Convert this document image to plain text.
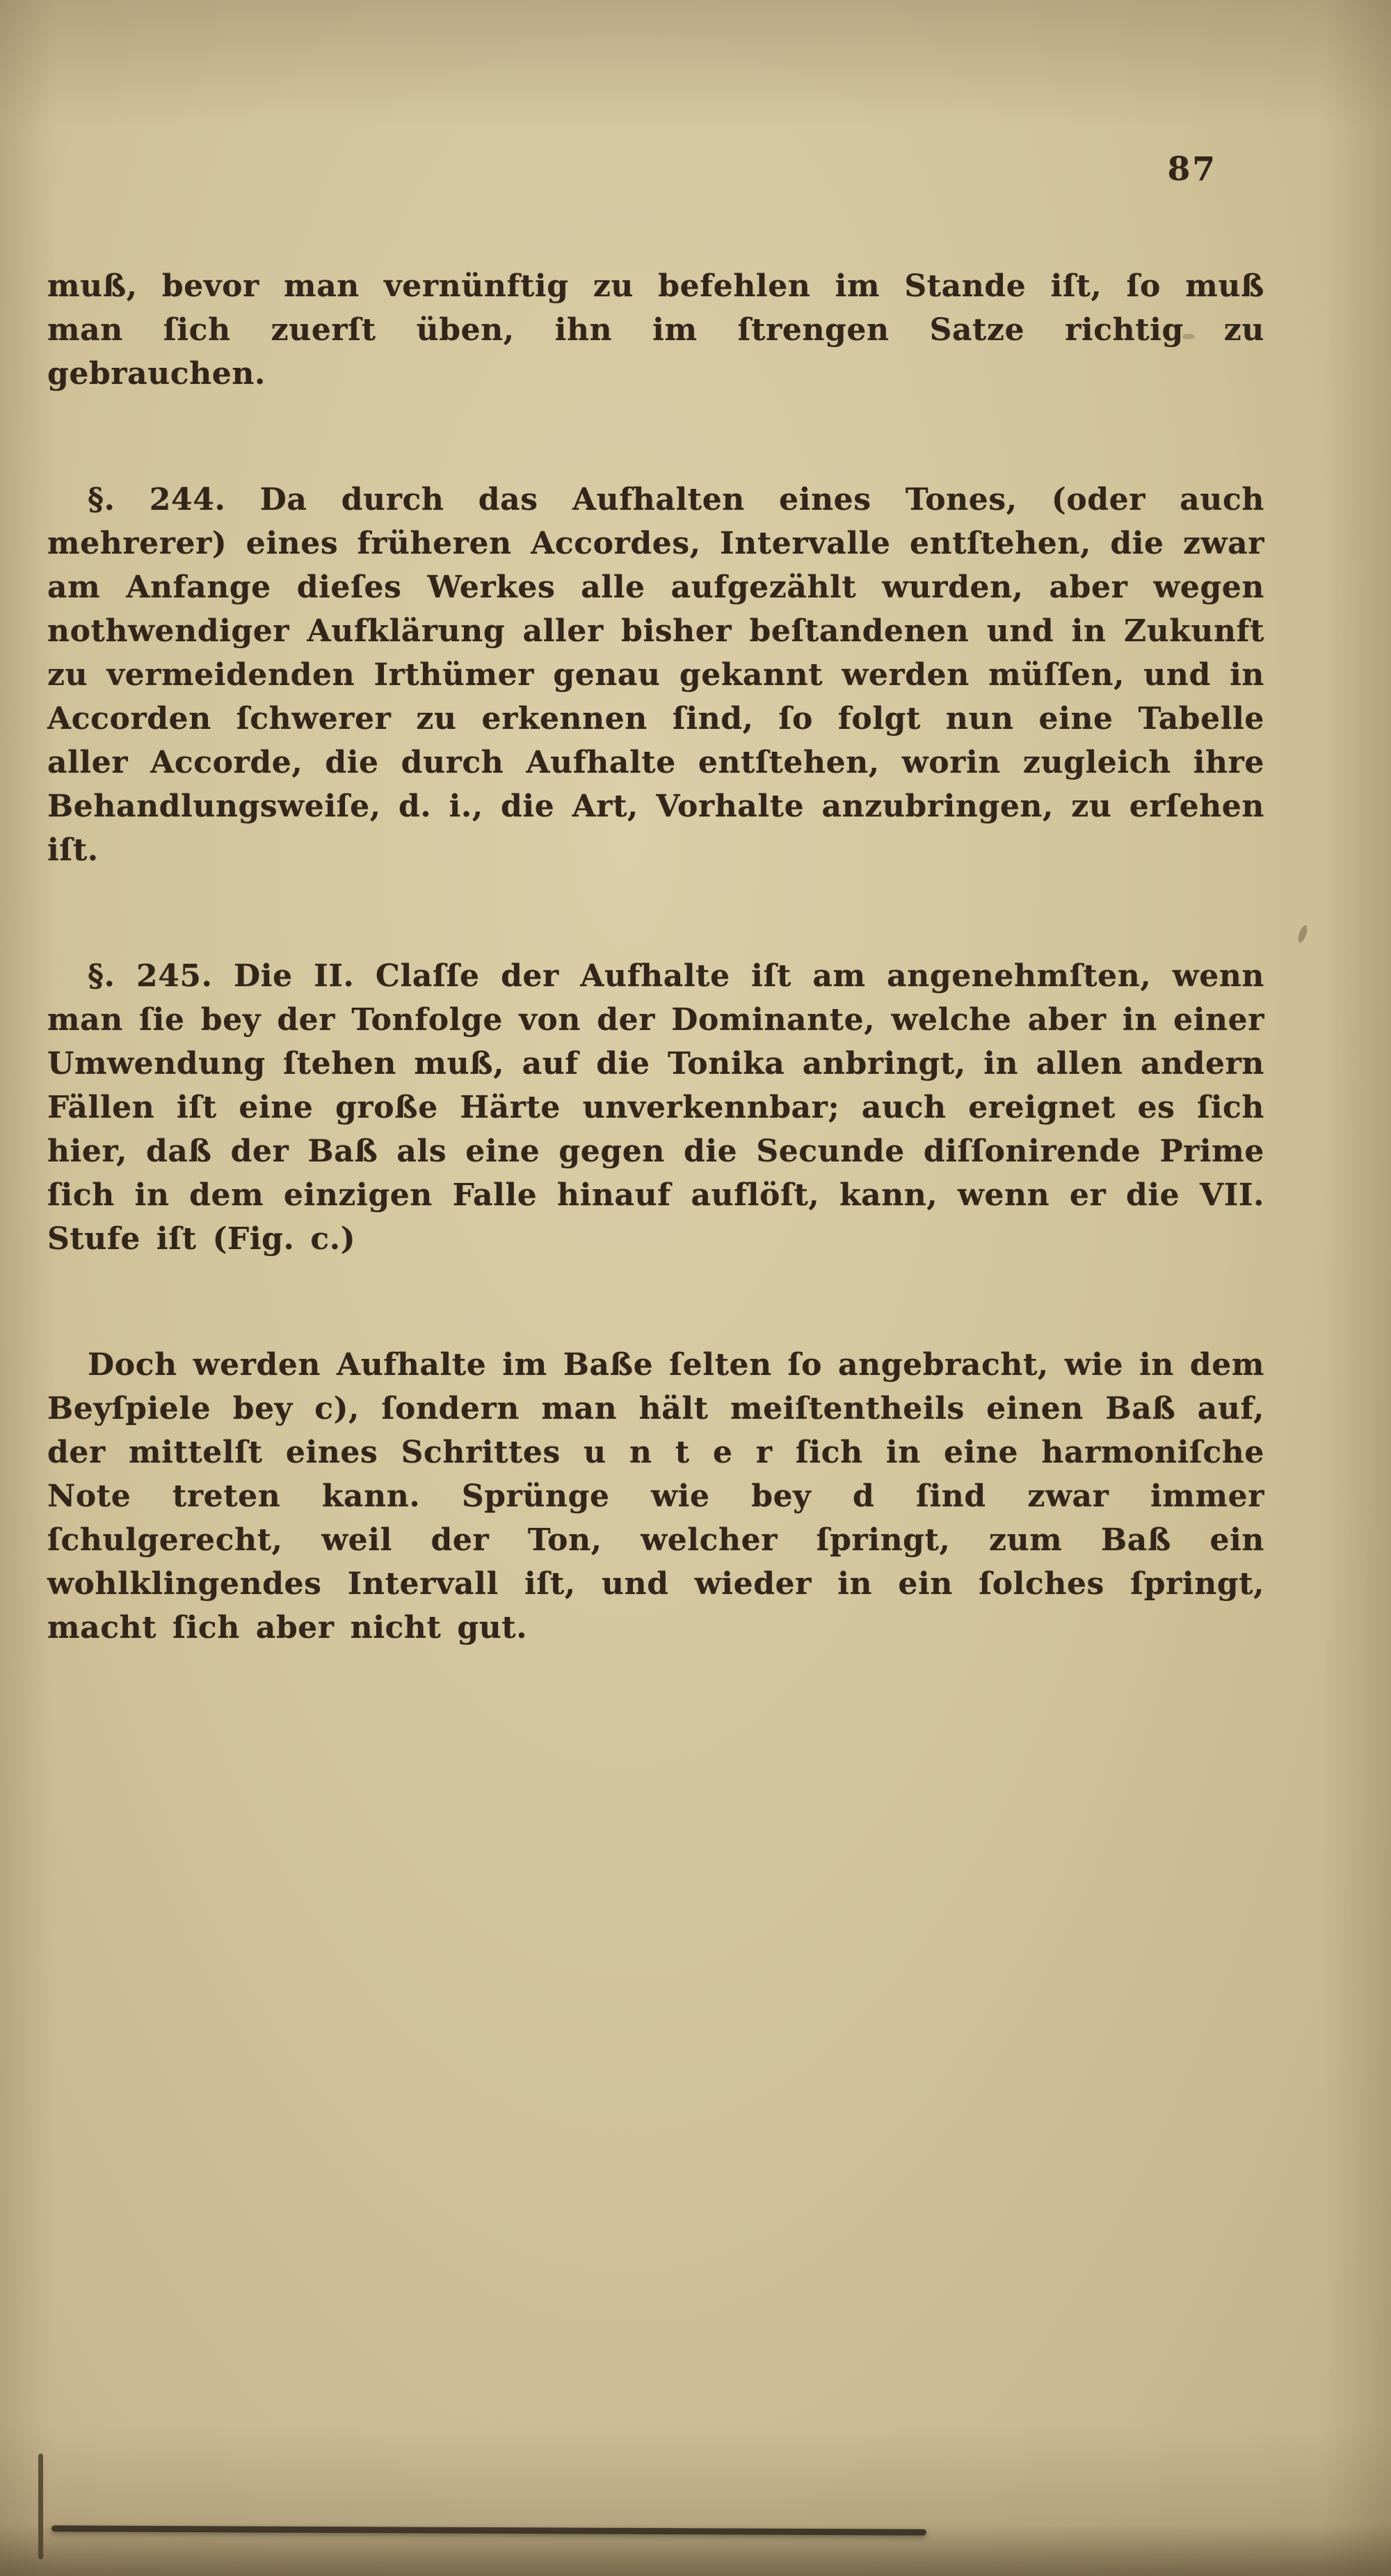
87

muß, bevor man vernünftig zu befehlen im Stande iſt, ſo muß man ſich zuerſt üben, ihn im ſtrengen Satze richtig zu gebrauchen.

§. 244. Da durch das Aufhalten eines Tones, (oder auch mehrerer) eines früheren Accordes, Intervalle entſtehen, die zwar am Anfange dieſes Werkes alle aufgezählt wurden, aber wegen nothwendiger Aufklärung aller bisher beſtandenen und in Zukunft zu vermeidenden Irthümer genau gekannt werden müſſen, und in Accorden ſchwerer zu erkennen ſind, ſo folgt nun eine Tabelle aller Accorde, die durch Aufhalte entſtehen, worin zugleich ihre Behandlungsweiſe, d. i., die Art, Vorhalte anzubringen, zu erſehen iſt.

§. 245. Die II. Claſſe der Aufhalte iſt am angenehmſten, wenn man ſie bey der Tonfolge von der Dominante, welche aber in einer Umwendung ſtehen muß, auf die Tonika anbringt, in allen andern Fällen iſt eine große Härte unverkennbar; auch ereignet es ſich hier, daß der Baß als eine gegen die Secunde diſſonirende Prime ſich in dem einzigen Falle hinauf auflöſt, kann, wenn er die VII. Stufe iſt (Fig. c.)

Doch werden Aufhalte im Baße ſelten ſo angebracht, wie in dem Beyſpiele bey c), ſondern man hält meiſtentheils einen Baß auf, der mittelſt eines Schrittes u n t e r ſich in eine harmoniſche Note treten kann. Sprünge wie bey d ſind zwar immer ſchulgerecht, weil der Ton, welcher ſpringt, zum Baß ein wohlklingendes Intervall iſt, und wieder in ein ſolches ſpringt, macht ſich aber nicht gut.
